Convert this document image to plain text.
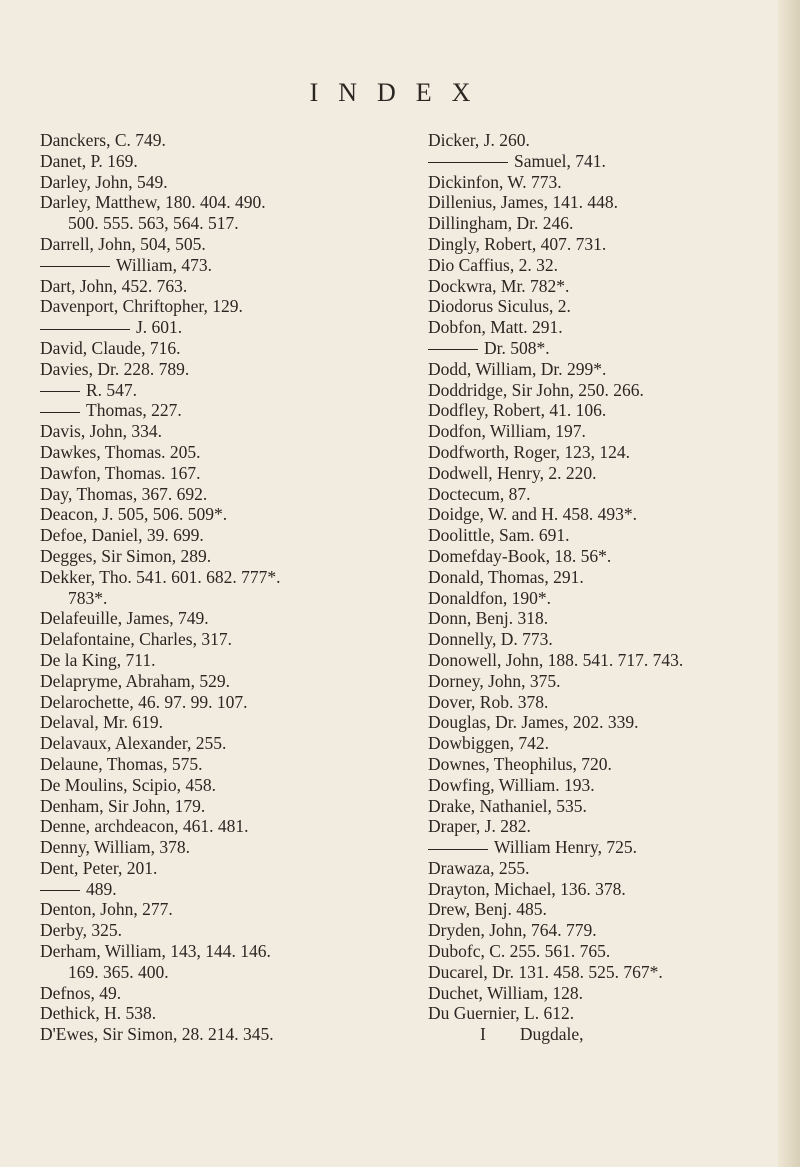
INDEX
Danckers, C. 749.
Danet, P. 169.
Darley, John, 549.
Darley, Matthew, 180. 404. 490.
500. 555. 563, 564. 517.
Darrell, John, 504, 505.
William, 473.
Dart, John, 452. 763.
Davenport, Chriftopher, 129.
J. 601.
David, Claude, 716.
Davies, Dr. 228. 789.
R. 547.
Thomas, 227.
Davis, John, 334.
Dawkes, Thomas. 205.
Dawfon, Thomas. 167.
Day, Thomas, 367. 692.
Deacon, J. 505, 506. 509*.
Defoe, Daniel, 39. 699.
Degges, Sir Simon, 289.
Dekker, Tho. 541. 601. 682. 777*.
783*.
Delafeuille, James, 749.
Delafontaine, Charles, 317.
De la King, 711.
Delapryme, Abraham, 529.
Delarochette, 46. 97. 99. 107.
Delaval, Mr. 619.
Delavaux, Alexander, 255.
Delaune, Thomas, 575.
De Moulins, Scipio, 458.
Denham, Sir John, 179.
Denne, archdeacon, 461. 481.
Denny, William, 378.
Dent, Peter, 201.
489.
Denton, John, 277.
Derby, 325.
Derham, William, 143, 144. 146.
169. 365. 400.
Defnos, 49.
Dethick, H. 538.
D'Ewes, Sir Simon, 28. 214. 345.
Dicker, J. 260.
Samuel, 741.
Dickinfon, W. 773.
Dillenius, James, 141. 448.
Dillingham, Dr. 246.
Dingly, Robert, 407. 731.
Dio Caffius, 2. 32.
Dockwra, Mr. 782*.
Diodorus Siculus, 2.
Dobfon, Matt. 291.
Dr. 508*.
Dodd, William, Dr. 299*.
Doddridge, Sir John, 250. 266.
Dodfley, Robert, 41. 106.
Dodfon, William, 197.
Dodfworth, Roger, 123, 124.
Dodwell, Henry, 2. 220.
Doctecum, 87.
Doidge, W. and H. 458. 493*.
Doolittle, Sam. 691.
Domefday-Book, 18. 56*.
Donald, Thomas, 291.
Donaldfon, 190*.
Donn, Benj. 318.
Donnelly, D. 773.
Donowell, John, 188. 541. 717. 743.
Dorney, John, 375.
Dover, Rob. 378.
Douglas, Dr. James, 202. 339.
Dowbiggen, 742.
Downes, Theophilus, 720.
Dowfing, William. 193.
Drake, Nathaniel, 535.
Draper, J. 282.
William Henry, 725.
Drawaza, 255.
Drayton, Michael, 136. 378.
Drew, Benj. 485.
Dryden, John, 764. 779.
Dubofc, C. 255. 561. 765.
Ducarel, Dr. 131. 458. 525. 767*.
Duchet, William, 128.
Du Guernier, L. 612.
I Dugdale,
